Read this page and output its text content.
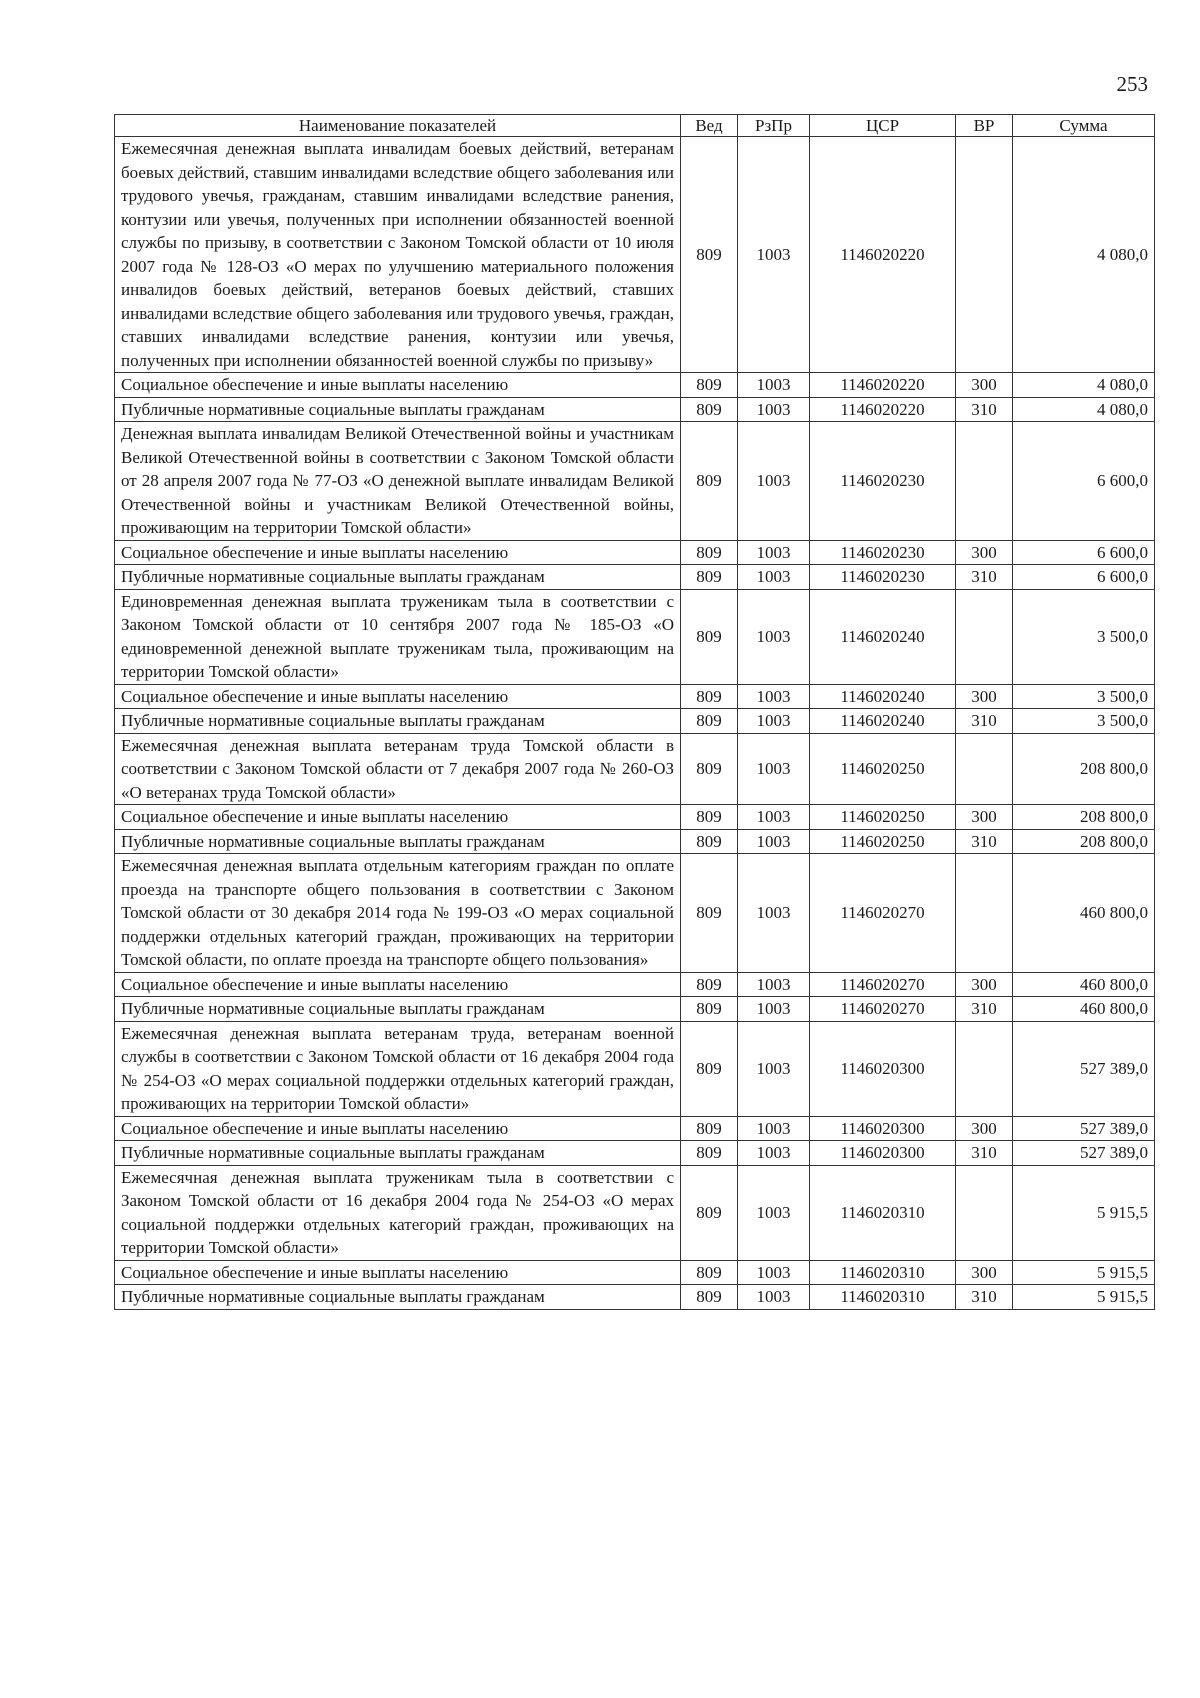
253
Наименование показателей	Вед	РзПр	ЦСР	ВР	Сумма
Ежемесячная денежная выплата инвалидам боевых действий, ветеранам боевых действий, ставшим инвалидами вследствие общего заболевания или трудового увечья, гражданам, ставшим инвалидами вследствие ранения, контузии или увечья, полученных при исполнении обязанностей военной службы по призыву, в соответствии с Законом Томской области от 10 июля 2007 года № 128-ОЗ «О мерах по улучшению материального положения инвалидов боевых действий, ветеранов боевых действий, ставших инвалидами вследствие общего заболевания или трудового увечья, граждан, ставших инвалидами вследствие ранения, контузии или увечья, полученных при исполнении обязанностей военной службы по призыву»	809	1003	1146020220		4 080,0
Социальное обеспечение и иные выплаты населению	809	1003	1146020220	300	4 080,0
Публичные нормативные социальные выплаты гражданам	809	1003	1146020220	310	4 080,0
Денежная выплата инвалидам Великой Отечественной войны и участникам Великой Отечественной войны в соответствии с Законом Томской области от 28 апреля 2007 года № 77-ОЗ «О денежной выплате инвалидам Великой Отечественной войны и участникам Великой Отечественной войны, проживающим на территории Томской области»	809	1003	1146020230		6 600,0
Социальное обеспечение и иные выплаты населению	809	1003	1146020230	300	6 600,0
Публичные нормативные социальные выплаты гражданам	809	1003	1146020230	310	6 600,0
Единовременная денежная выплата труженикам тыла в соответствии с Законом Томской области от 10 сентября 2007 года № 185-ОЗ «О единовременной денежной выплате труженикам тыла, проживающим на территории Томской области»	809	1003	1146020240		3 500,0
Социальное обеспечение и иные выплаты населению	809	1003	1146020240	300	3 500,0
Публичные нормативные социальные выплаты гражданам	809	1003	1146020240	310	3 500,0
Ежемесячная денежная выплата ветеранам труда Томской области в соответствии с Законом Томской области от 7 декабря 2007 года № 260-ОЗ «О ветеранах труда Томской области»	809	1003	1146020250		208 800,0
Социальное обеспечение и иные выплаты населению	809	1003	1146020250	300	208 800,0
Публичные нормативные социальные выплаты гражданам	809	1003	1146020250	310	208 800,0
Ежемесячная денежная выплата отдельным категориям граждан по оплате проезда на транспорте общего пользования в соответствии с Законом Томской области от 30 декабря 2014 года № 199-ОЗ «О мерах социальной поддержки отдельных категорий граждан, проживающих на территории Томской области, по оплате проезда на транспорте общего пользования»	809	1003	1146020270		460 800,0
Социальное обеспечение и иные выплаты населению	809	1003	1146020270	300	460 800,0
Публичные нормативные социальные выплаты гражданам	809	1003	1146020270	310	460 800,0
Ежемесячная денежная выплата ветеранам труда, ветеранам военной службы в соответствии с Законом Томской области от 16 декабря 2004 года № 254-ОЗ «О мерах социальной поддержки отдельных категорий граждан, проживающих на территории Томской области»	809	1003	1146020300		527 389,0
Социальное обеспечение и иные выплаты населению	809	1003	1146020300	300	527 389,0
Публичные нормативные социальные выплаты гражданам	809	1003	1146020300	310	527 389,0
Ежемесячная денежная выплата труженикам тыла в соответствии с Законом Томской области от 16 декабря 2004 года № 254-ОЗ «О мерах социальной поддержки отдельных категорий граждан, проживающих на территории Томской области»	809	1003	1146020310		5 915,5
Социальное обеспечение и иные выплаты населению	809	1003	1146020310	300	5 915,5
Публичные нормативные социальные выплаты гражданам	809	1003	1146020310	310	5 915,5
